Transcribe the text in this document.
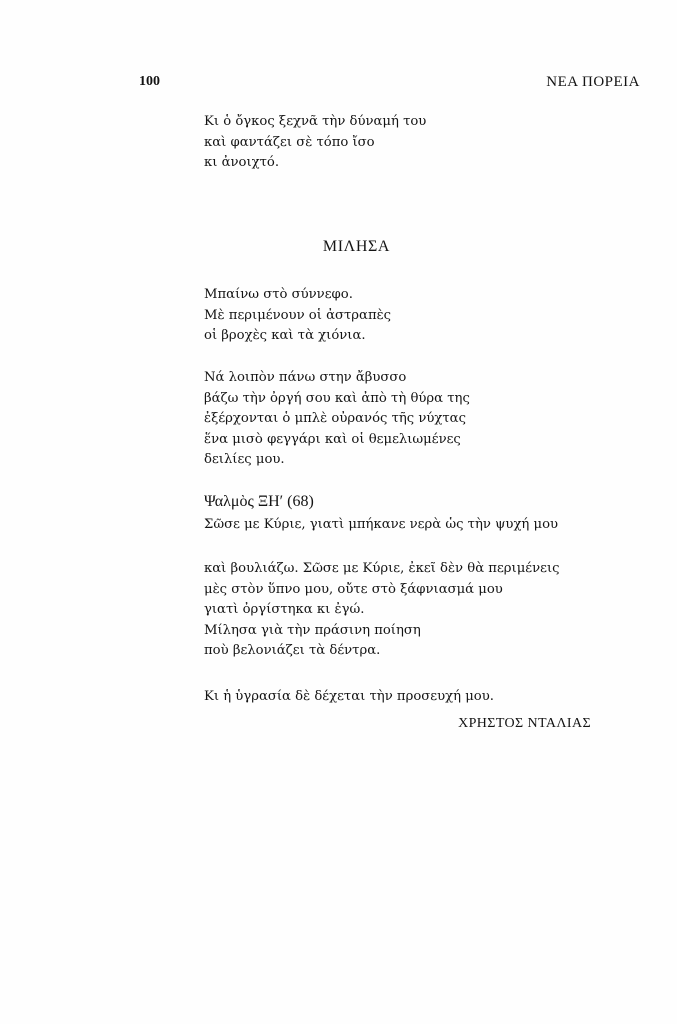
100	ΝΕΑ ΠΟΡΕΙΑ
Κι ὁ ὄγκος ξεχνᾶ τὴν δύναμή του
καὶ φαντάζει σὲ τόπο ἴσο
κι ἀνοιχτό.
ΜΙΛΗΣΑ
Μπαίνω στὸ σύννεφο.
Μὲ περιμένουν οἱ ἀστραπὲς
οἱ βροχὲς καὶ τὰ χιόνια.
Νά λοιπὸν πάνω στην ἄβυσσο
βάζω τὴν ὀργή σου καὶ ἀπὸ τὴ θύρα της
ἐξέρχονται ὁ μπλὲ οὐρανός τῆς νύχτας
ἕνα μισὸ φεγγάρι καὶ οἱ θεμελιωμένες
δειλίες μου.
Ψαλμὸς ΞΗ′ (68)
Σῶσε με Κύριε, γιατὶ μπήκανε νερὰ ὡς τὴν ψυχή μου
καὶ βουλιάζω. Σῶσε με Κύριε, ἐκεῖ δὲν θὰ περιμένεις
μὲς στὸν ὕπνο μου, οὔτε στὸ ξάφνιασμά μου
γιατὶ ὀργίστηκα κι ἐγώ.
Μίλησα γιὰ τὴν πράσινη ποίηση
ποὺ βελονιάζει τὰ δέντρα.
Κι ἡ ὑγρασία δὲ δέχεται τὴν προσευχή μου.
ΧΡΗΣΤΟΣ ΝΤΑΛΙΑΣ
